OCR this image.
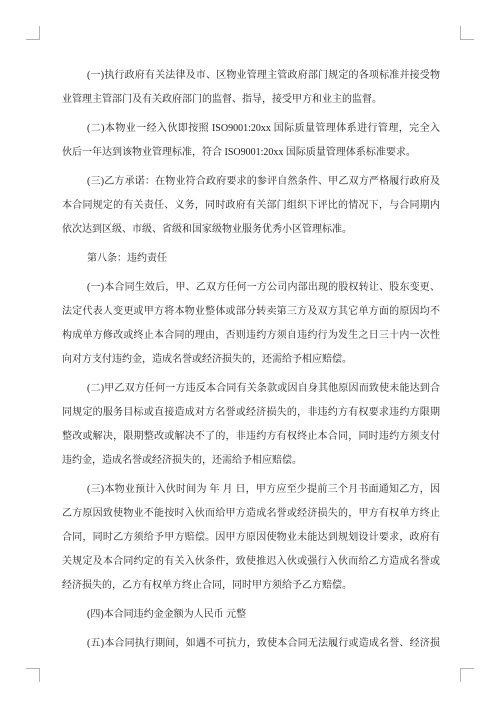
(一)执行政府有关法律及市、区物业管理主管政府部门规定的各项标准并接受物
业管理主管部门及有关政府部门的监督、指导，接受甲方和业主的监督。
(二)本物业一经入伙即按照 ISO9001:20xx 国际质量管理体系进行管理，完全入
伙后一年达到该物业管理标准，符合 ISO9001:20xx 国际质量管理体系标准要求。
(三)乙方承诺：在物业符合政府要求的参评自然条件、甲乙双方严格履行政府及
本合同规定的有关责任、义务，同时政府有关部门组织下评比的情况下，与合同期内
依次达到区级、市级、省级和国家级物业服务优秀小区管理标准。
第八条：违约责任
(一)本合同生效后，甲、乙双方任何一方公司内部出现的股权转让、股东变更、
法定代表人变更或甲方将本物业整体或部分转卖第三方及双方其它单方面的原因均不
构成单方修改或终止本合同的理由，否则违约方须自违约行为发生之日三十内一次性
向对方支付违约金，造成名誉或经济损失的，还需给予相应赔偿。
(二)甲乙双方任何一方违反本合同有关条款或因自身其他原因而致使未能达到合
同规定的服务目标或直接造成对方名誉或经济损失的，非违约方有权要求违约方限期
整改或解决，限期整改或解决不了的，非违约方有权终止本合同，同时违约方须支付
违约金，造成名誉或经济损失的，还需给予相应赔偿。
(三)本物业预计入伙时间为 年 月 日，甲方应至少提前三个月书面通知乙方，因
乙方原因致使物业不能按时入伙而给甲方造成名誉或经济损失的，甲方有权单方终止
合同，同时乙方须给予甲方赔偿。因甲方原因使物业未能达到规划设计要求，政府有
关规定及本合同约定的有关入伙条件，致使推迟入伙或强行入伙而给乙方造成名誉或
经济损失的，乙方有权单方终止合同，同时甲方须给予乙方赔偿。
(四)本合同违约金金额为人民币 元整
(五)本合同执行期间，如遇不可抗力，致使本合同无法履行或造成名誉、经济损
